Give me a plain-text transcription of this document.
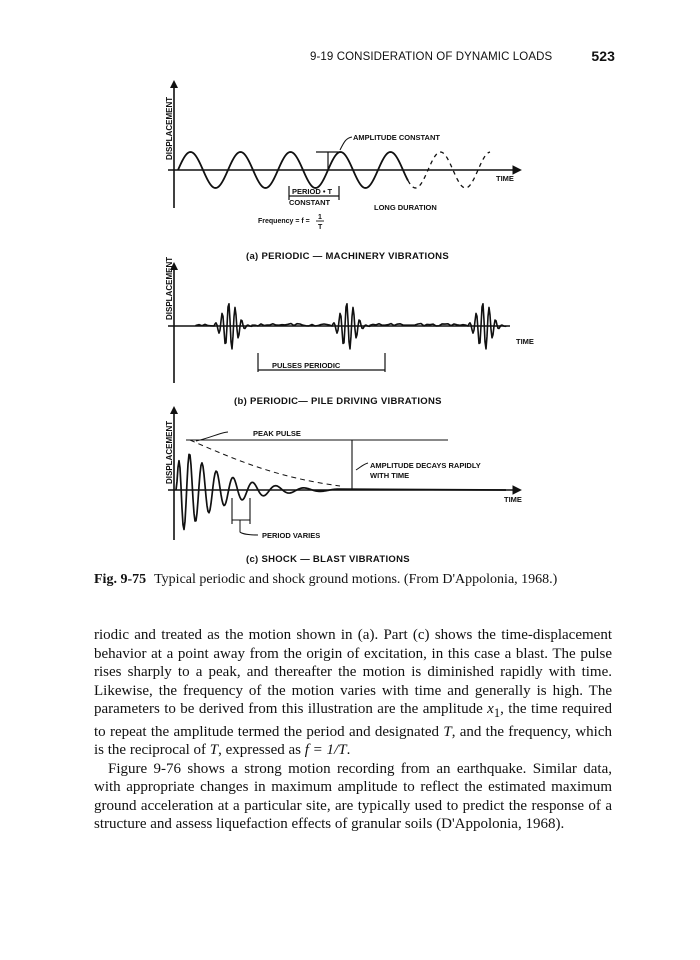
9-19 CONSIDERATION OF DYNAMIC LOADS	523
DISPLACEMENT	AMPLITUDE CONSTANT
TIME
PERIOD • T
CONSTANT
LONG DURATION
Frequency = f =
1
T
(a) PERIODIC — MACHINERY VIBRATIONS
DISPLACEMENT
TIME
PULSES PERIODIC
(b) PERIODIC— PILE DRIVING VIBRATIONS
DISPLACEMENT	PEAK PULSE
AMPLITUDE DECAYS RAPIDLY
WITH TIME
TIME
PERIOD VARIES
(c) SHOCK — BLAST VIBRATIONS
Fig. 9-75 Typical periodic and shock ground motions. (From D'Appolonia, 1968.)

riodic and treated as the motion shown in (a). Part (c) shows the time-displacement behavior at a point away from the origin of excitation, in this case a blast. The pulse rises sharply to a peak, and thereafter the motion is diminished rapidly with time. Likewise, the frequency of the motion varies with time and generally is high. The parameters to be derived from this illustration are the amplitude $x_1$, the time required to repeat the amplitude termed the period and designated T, and the frequency, which is the reciprocal of T, expressed as f = 1/T.

Figure 9-76 shows a strong motion recording from an earthquake. Similar data, with appropriate changes in maximum amplitude to reflect the estimated maximum ground acceleration at a particular site, are typically used to predict the response of a structure and assess liquefaction effects of granular soils (D'Appolonia, 1968).
